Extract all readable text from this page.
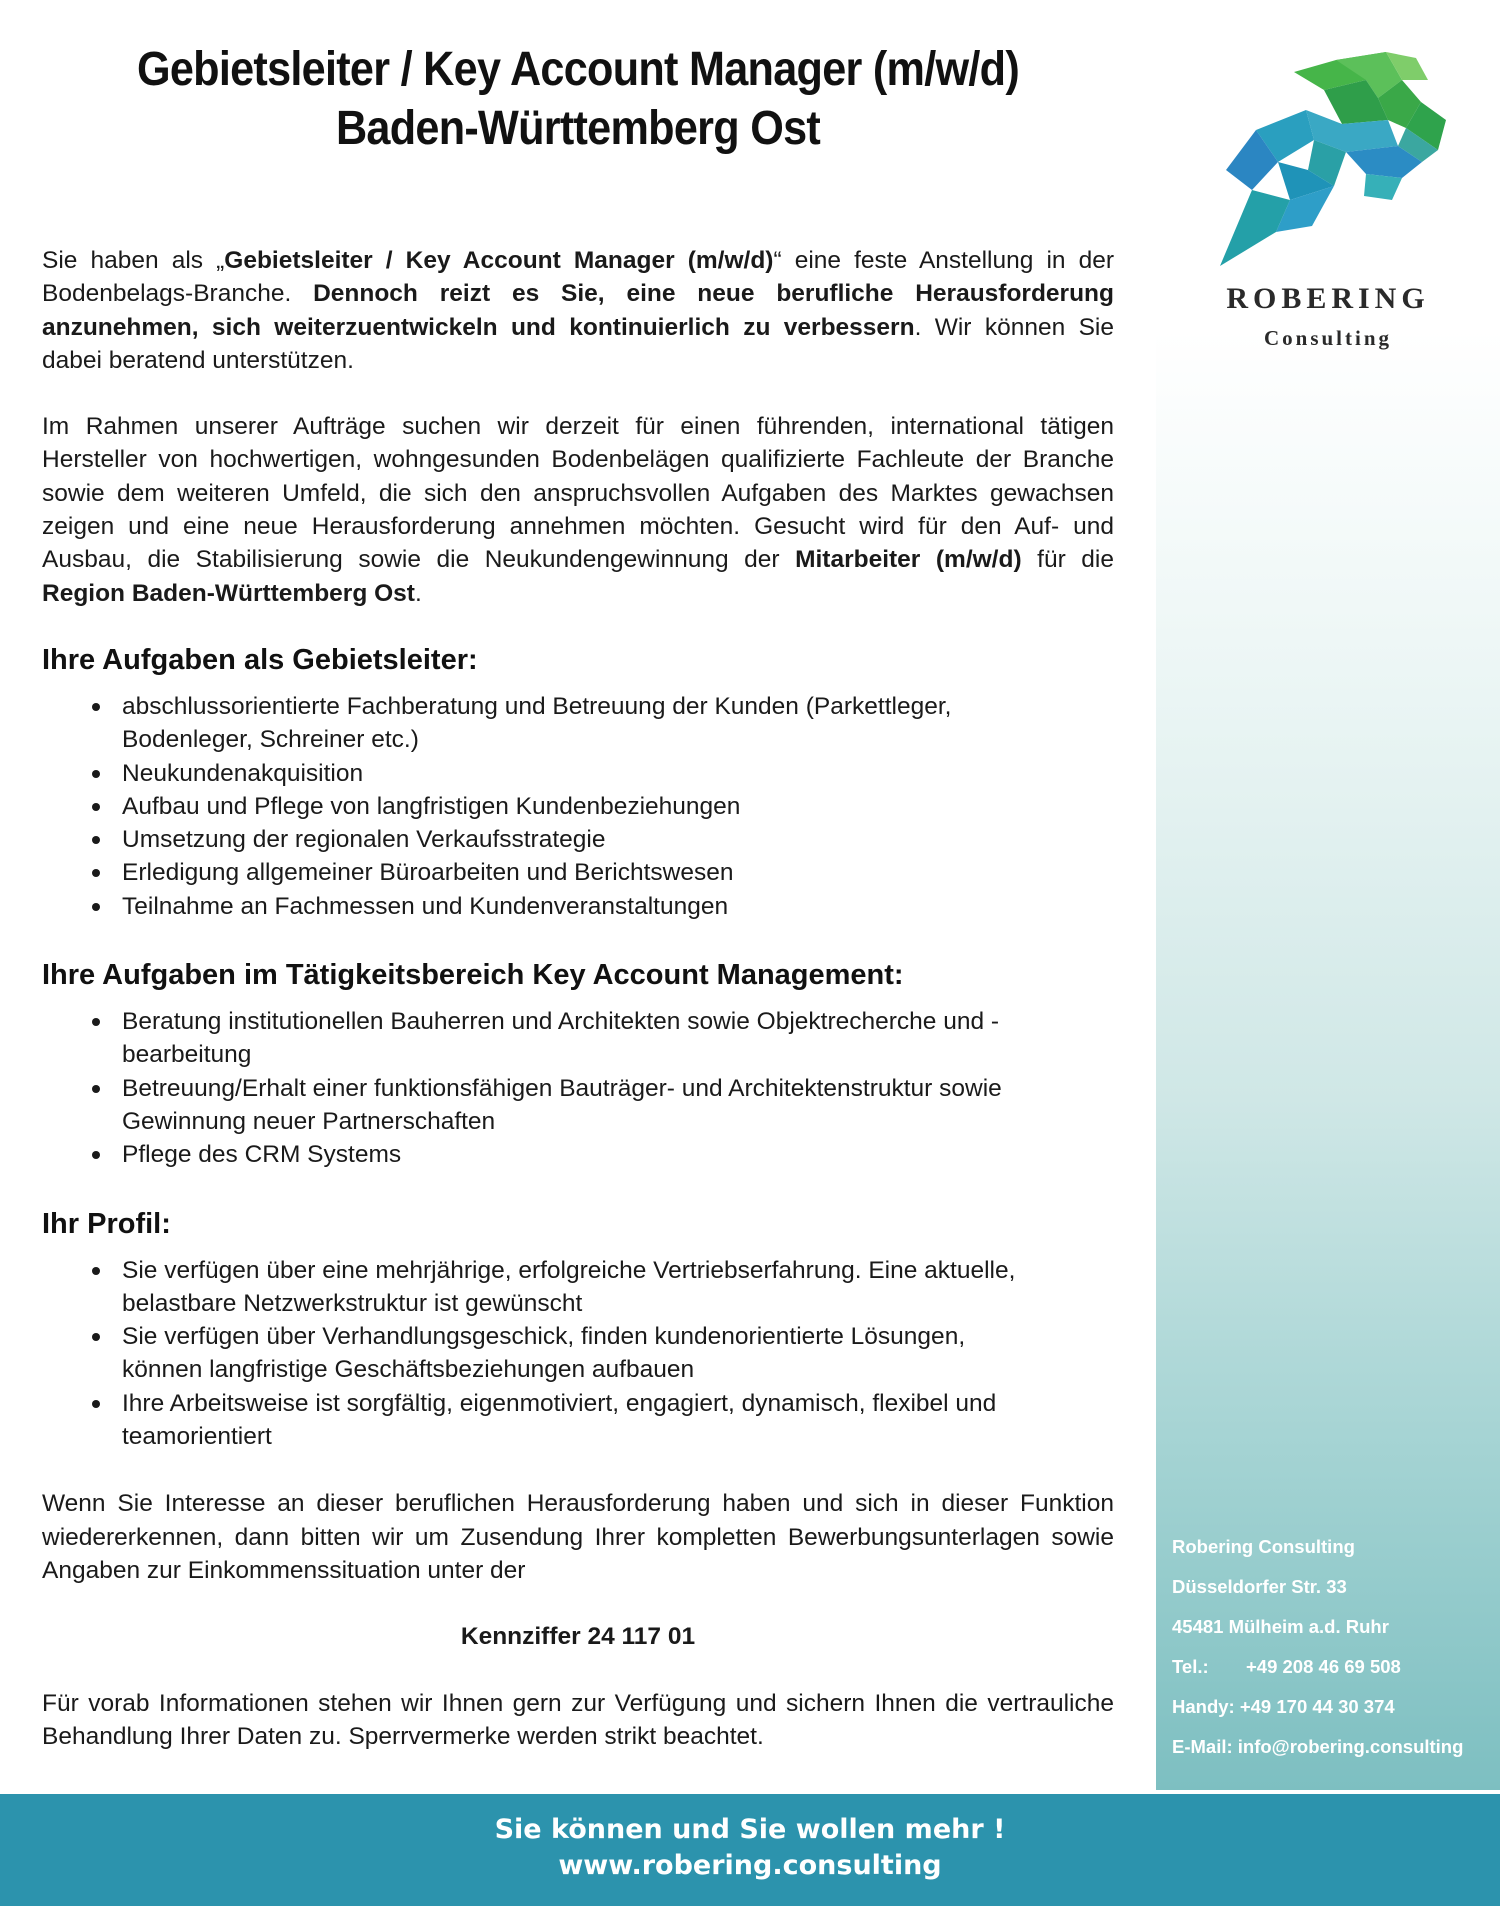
Gebietsleiter / Key Account Manager (m/w/d)
Baden-Württemberg Ost

Sie haben als „Gebietsleiter / Key Account Manager (m/w/d)“ eine feste Anstellung in der Bodenbelags-Branche. Dennoch reizt es Sie, eine neue berufliche Herausforderung anzunehmen, sich weiterzuentwickeln und kontinuierlich zu verbessern. Wir können Sie dabei beratend unterstützen.

Im Rahmen unserer Aufträge suchen wir derzeit für einen führenden, international tätigen Hersteller von hochwertigen, wohngesunden Bodenbelägen qualifizierte Fachleute der Branche sowie dem weiteren Umfeld, die sich den anspruchsvollen Aufgaben des Marktes gewachsen zeigen und eine neue Herausforderung annehmen möchten. Gesucht wird für den Auf- und Ausbau, die Stabilisierung sowie die Neukundengewinnung der Mitarbeiter (m/w/d) für die Region Baden-Württemberg Ost.

Ihre Aufgaben als Gebietsleiter:
abschlussorientierte Fachberatung und Betreuung der Kunden (Parkettleger, Bodenleger, Schreiner etc.)
Neukundenakquisition
Aufbau und Pflege von langfristigen Kundenbeziehungen
Umsetzung der regionalen Verkaufsstrategie
Erledigung allgemeiner Büroarbeiten und Berichtswesen
Teilnahme an Fachmessen und Kundenveranstaltungen
Ihre Aufgaben im Tätigkeitsbereich Key Account Management:
Beratung institutionellen Bauherren und Architekten sowie Objektrecherche und -bearbeitung
Betreuung/Erhalt einer funktionsfähigen Bauträger- und Architektenstruktur sowie Gewinnung neuer Partnerschaften
Pflege des CRM Systems
Ihr Profil:
Sie verfügen über eine mehrjährige, erfolgreiche Vertriebserfahrung. Eine aktuelle, belastbare Netzwerkstruktur ist gewünscht
Sie verfügen über Verhandlungsgeschick, finden kundenorientierte Lösungen, können langfristige Geschäftsbeziehungen aufbauen
Ihre Arbeitsweise ist sorgfältig, eigenmotiviert, engagiert, dynamisch, flexibel und teamorientiert

Wenn Sie Interesse an dieser beruflichen Herausforderung haben und sich in dieser Funktion wiedererkennen, dann bitten wir um Zusendung Ihrer kompletten Bewerbungsunterlagen sowie Angaben zur Einkommenssituation unter der

Kennziffer 24 117 01

Für vorab Informationen stehen wir Ihnen gern zur Verfügung und sichern Ihnen die vertrauliche Behandlung Ihrer Daten zu. Sperrvermerke werden strikt beachtet.

ROBERING
Consulting
Robering Consulting
Düsseldorfer Str. 33
45481 Mülheim a.d. Ruhr
Tel.: +49 208 46 69 508
Handy: +49 170 44 30 374
E-Mail: info@robering.consulting
Sie können und Sie wollen mehr !
www.robering.consulting
